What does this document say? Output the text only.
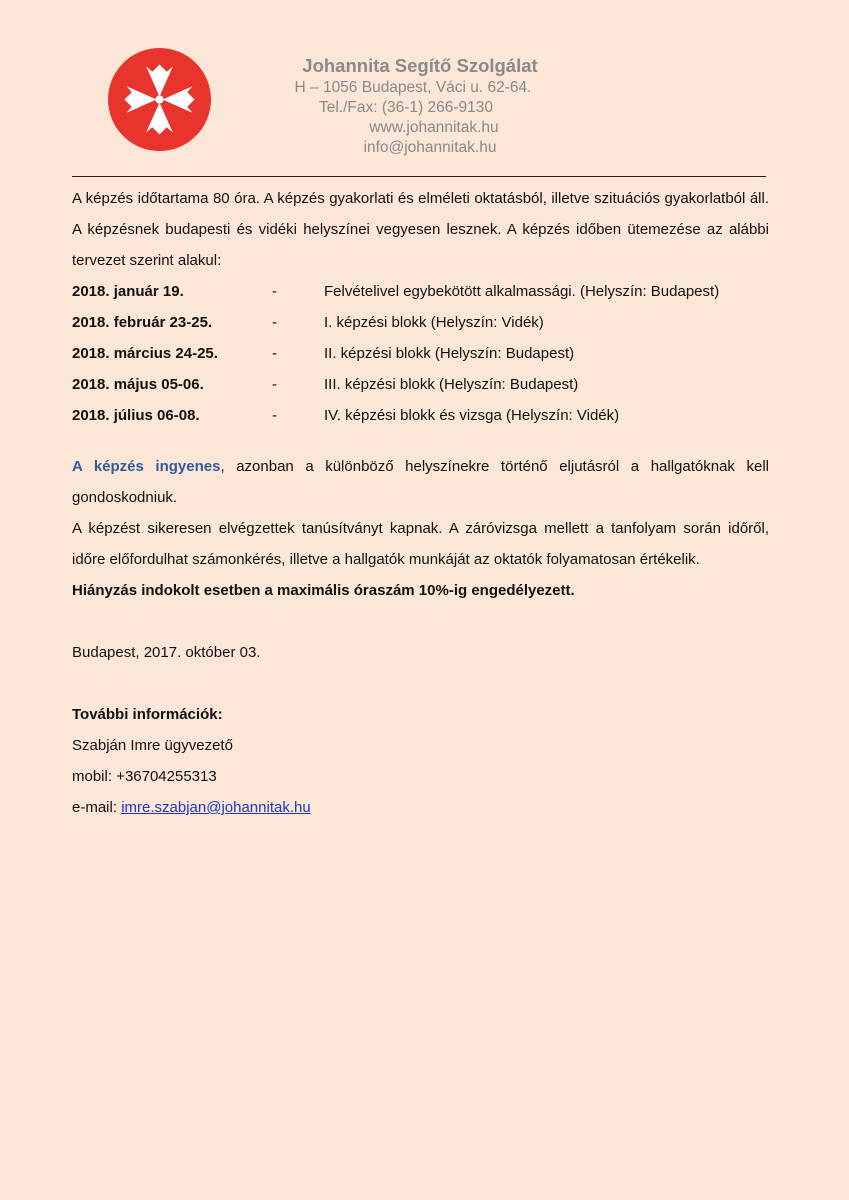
Johannita Segítő Szolgálat
H – 1056 Budapest, Váci u. 62-64.
Tel./Fax: (36-1) 266-9130
www.johannitak.hu
info@johannitak.hu

A képzés időtartama 80 óra. A képzés gyakorlati és elméleti oktatásból, illetve szituációs gyakorlatból áll. A képzésnek budapesti és vidéki helyszínei vegyesen lesznek. A képzés időben ütemezése az alábbi tervezet szerint alakul:

2018. január 19.	-	Felvételivel egybekötött alkalmassági. (Helyszín: Budapest)
2018. február 23-25.	-	I. képzési blokk (Helyszín: Vidék)
2018. március 24-25.	-	II. képzési blokk (Helyszín: Budapest)
2018. május 05-06.	-	III. képzési blokk (Helyszín: Budapest)
2018. július 06-08.	-	IV. képzési blokk és vizsga (Helyszín: Vidék)

A képzés ingyenes, azonban a különböző helyszínekre történő eljutásról a hallgatóknak kell gondoskodniuk.

A képzést sikeresen elvégzettek tanúsítványt kapnak. A záróvizsga mellett a tanfolyam során időről, időre előfordulhat számonkérés, illetve a hallgatók munkáját az oktatók folyamatosan értékelik.

Hiányzás indokolt esetben a maximális óraszám 10%-ig engedélyezett.

Budapest, 2017. október 03.

További információk:

Szabján Imre ügyvezető

mobil: +36704255313

e-mail: imre.szabjan@johannitak.hu
